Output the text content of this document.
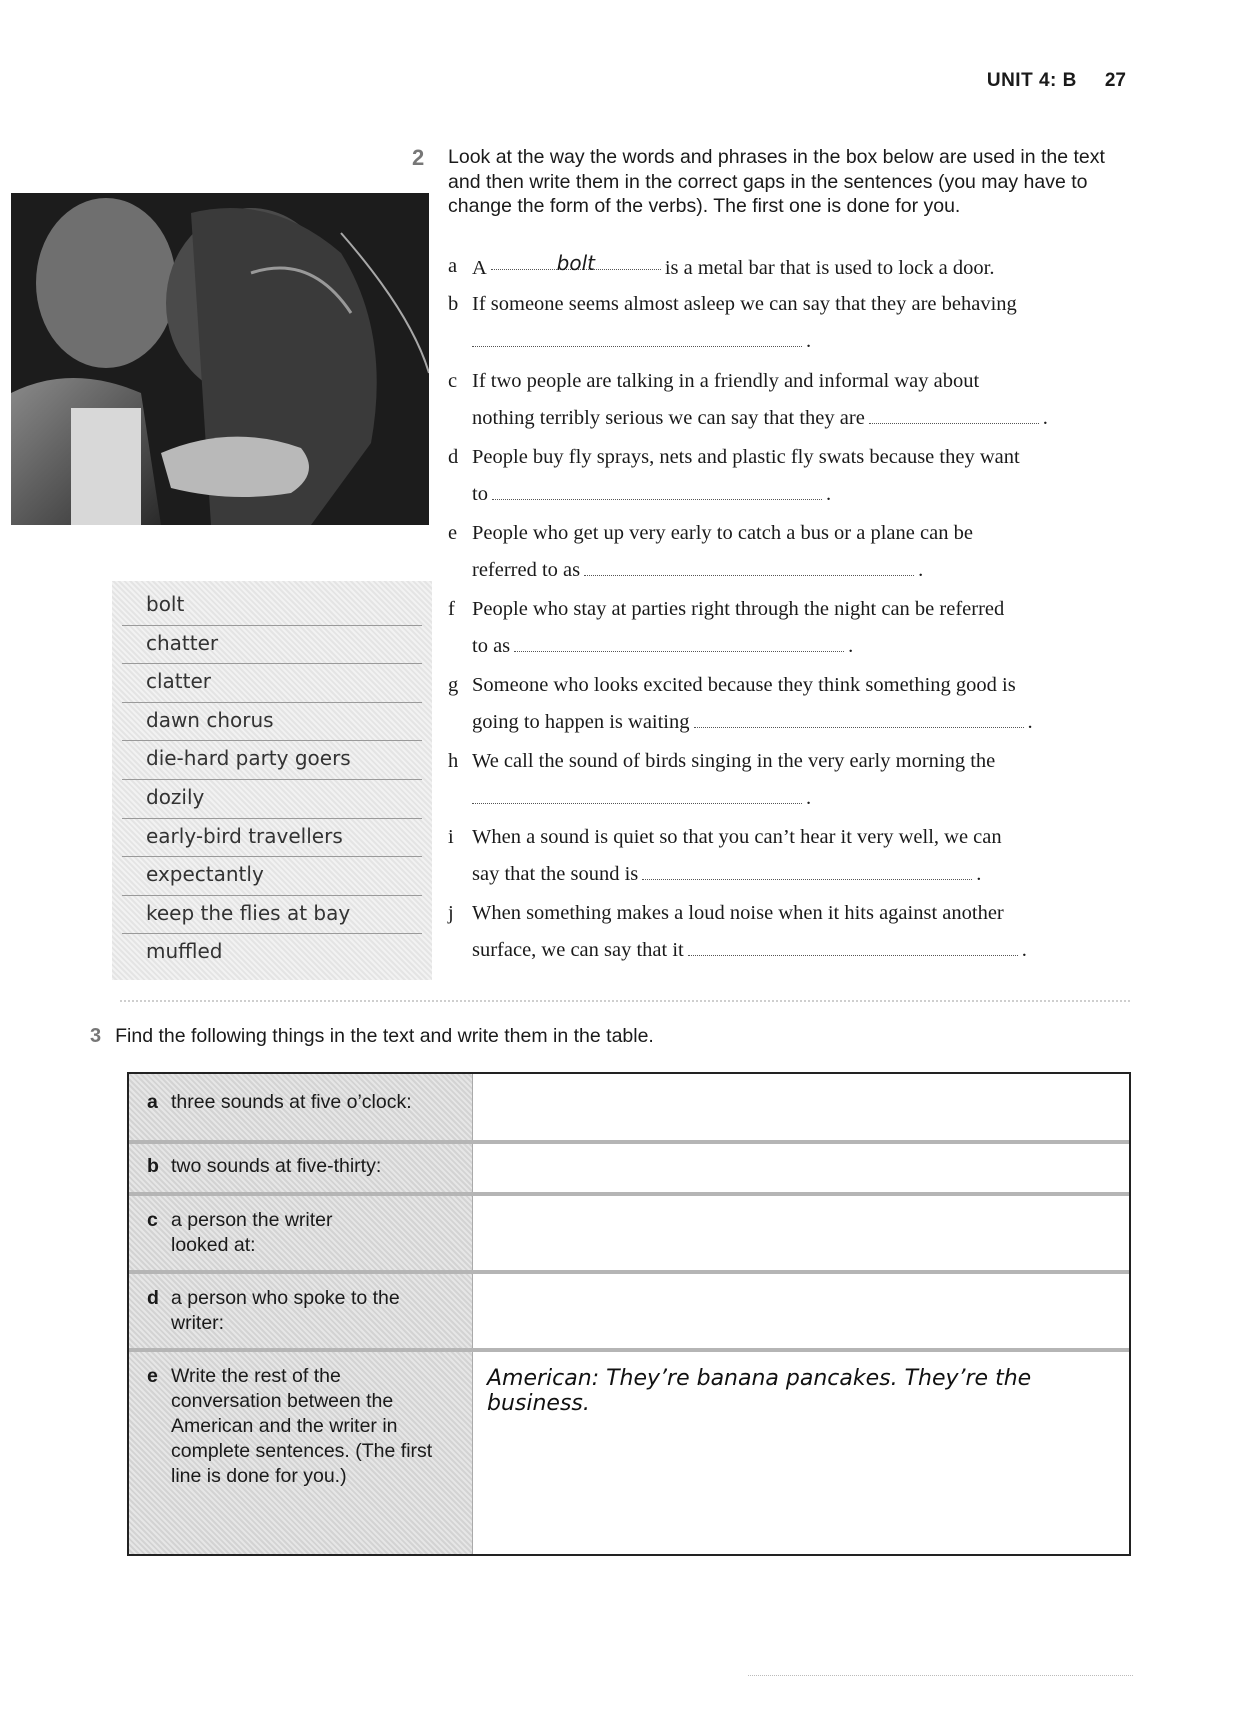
UNIT 4: B 27
bolt
chatter
clatter
dawn chorus
die-hard party goers
dozily
early-bird travellers
expectantly
keep the flies at bay
muffled
2 Look at the way the words and phrases in the box below are used in the text and then write them in the correct gaps in the sentences (you may have to change the form of the verbs). The first one is done for you.
a A	bolt	is a metal bar that is used to lock a door.
b If someone seems almost asleep we can say that they are behaving
.
c If two people are talking in a friendly and informal way about
nothing terribly serious we can say that they are	.
d People buy fly sprays, nets and plastic fly swats because they want
to	.
e People who get up very early to catch a bus or a plane can be
referred to as	.
f People who stay at parties right through the night can be referred
to as	.
g Someone who looks excited because they think something good is
going to happen is waiting	.
h We call the sound of birds singing in the very early morning the
.
i When a sound is quiet so that you can’t hear it very well, we can
say that the sound is	.
j When something makes a loud noise when it hits against another
surface, we can say that it	.
3 Find the following things in the text and write them in the table.
a three sounds at five o’clock:
b two sounds at five-thirty:
c a person the writer looked at:
d a person who spoke to the writer:
e Write the rest of the conversation between the American and the writer in complete sentences. (The first line is done for you.)
American: They’re banana pancakes. They’re the business.
